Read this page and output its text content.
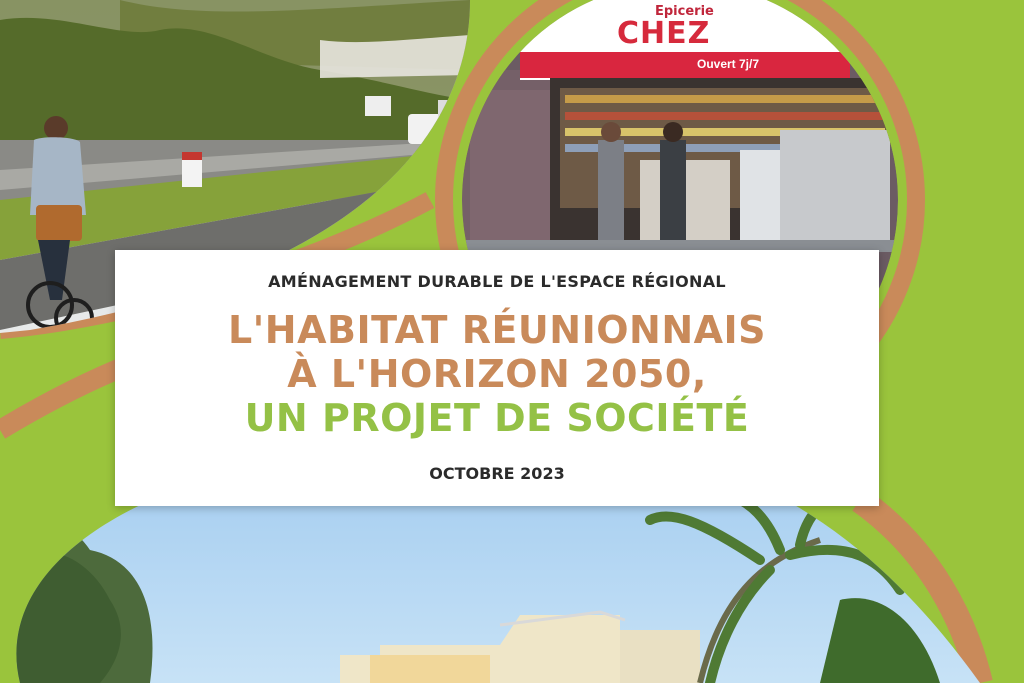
Epicerie
CHEZ
Ouvert 7j/7
AMÉNAGEMENT DURABLE DE L'ESPACE RÉGIONAL
L'HABITAT RÉUNIONNAIS
À L'HORIZON 2050,
UN PROJET DE SOCIÉTÉ
OCTOBRE 2023
